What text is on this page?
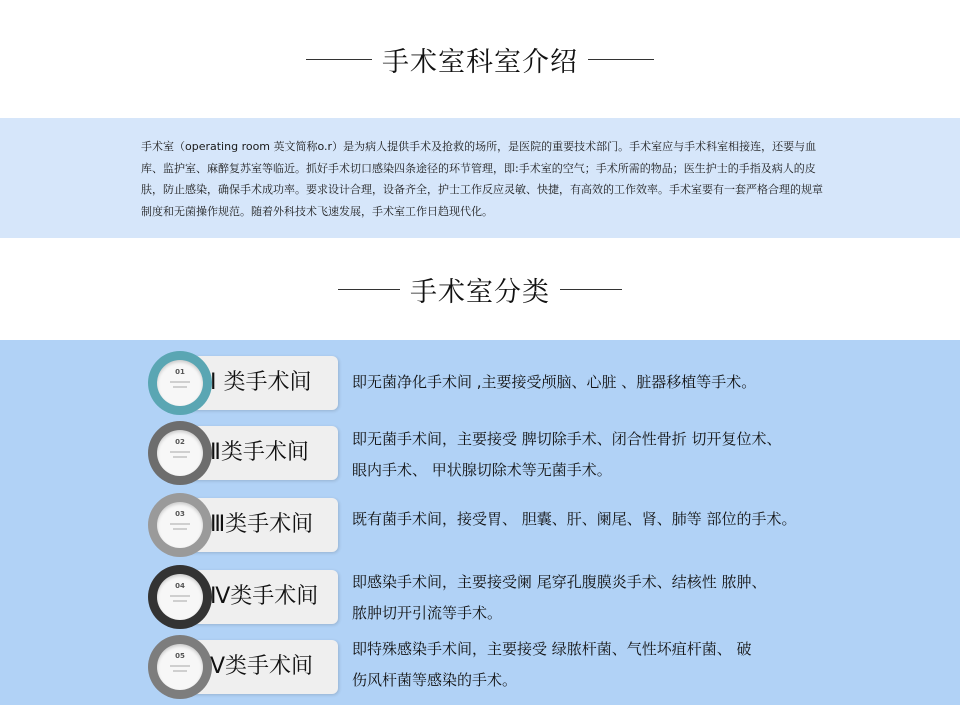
手术室科室介绍

手术室（operating room 英文简称o.r）是为病人提供手术及抢救的场所，是医院的重要技术部门。手术室应与手术科室相接连，还要与血库、监护室、麻醉复苏室等临近。抓好手术切口感染四条途径的环节管理，即:手术室的空气；手术所需的物品；医生护士的手指及病人的皮肤，防止感染，确保手术成功率。要求设计合理，设备齐全，护士工作反应灵敏、快捷，有高效的工作效率。手术室要有一套严格合理的规章制度和无菌操作规范。随着外科技术飞速发展，手术室工作日趋现代化。

手术室分类
01	Ⅰ 类手术间	即无菌净化手术间 ,主要接受颅脑、心脏 、脏器移植等手术。
02	Ⅱ类手术间
即无菌手术间，主要接受 脾切除手术、闭合性骨折 切开复位术、
眼内手术、 甲状腺切除术等无菌手术。
03	Ⅲ类手术间	既有菌手术间，接受胃、 胆囊、肝、阑尾、肾、肺等 部位的手术。
04	Ⅳ类手术间
即感染手术间，主要接受阑 尾穿孔腹膜炎手术、结核性 脓肿、
脓肿切开引流等手术。
05	Ⅴ类手术间
即特殊感染手术间，主要接受 绿脓杆菌、气性坏疽杆菌、 破
伤风杆菌等感染的手术。
